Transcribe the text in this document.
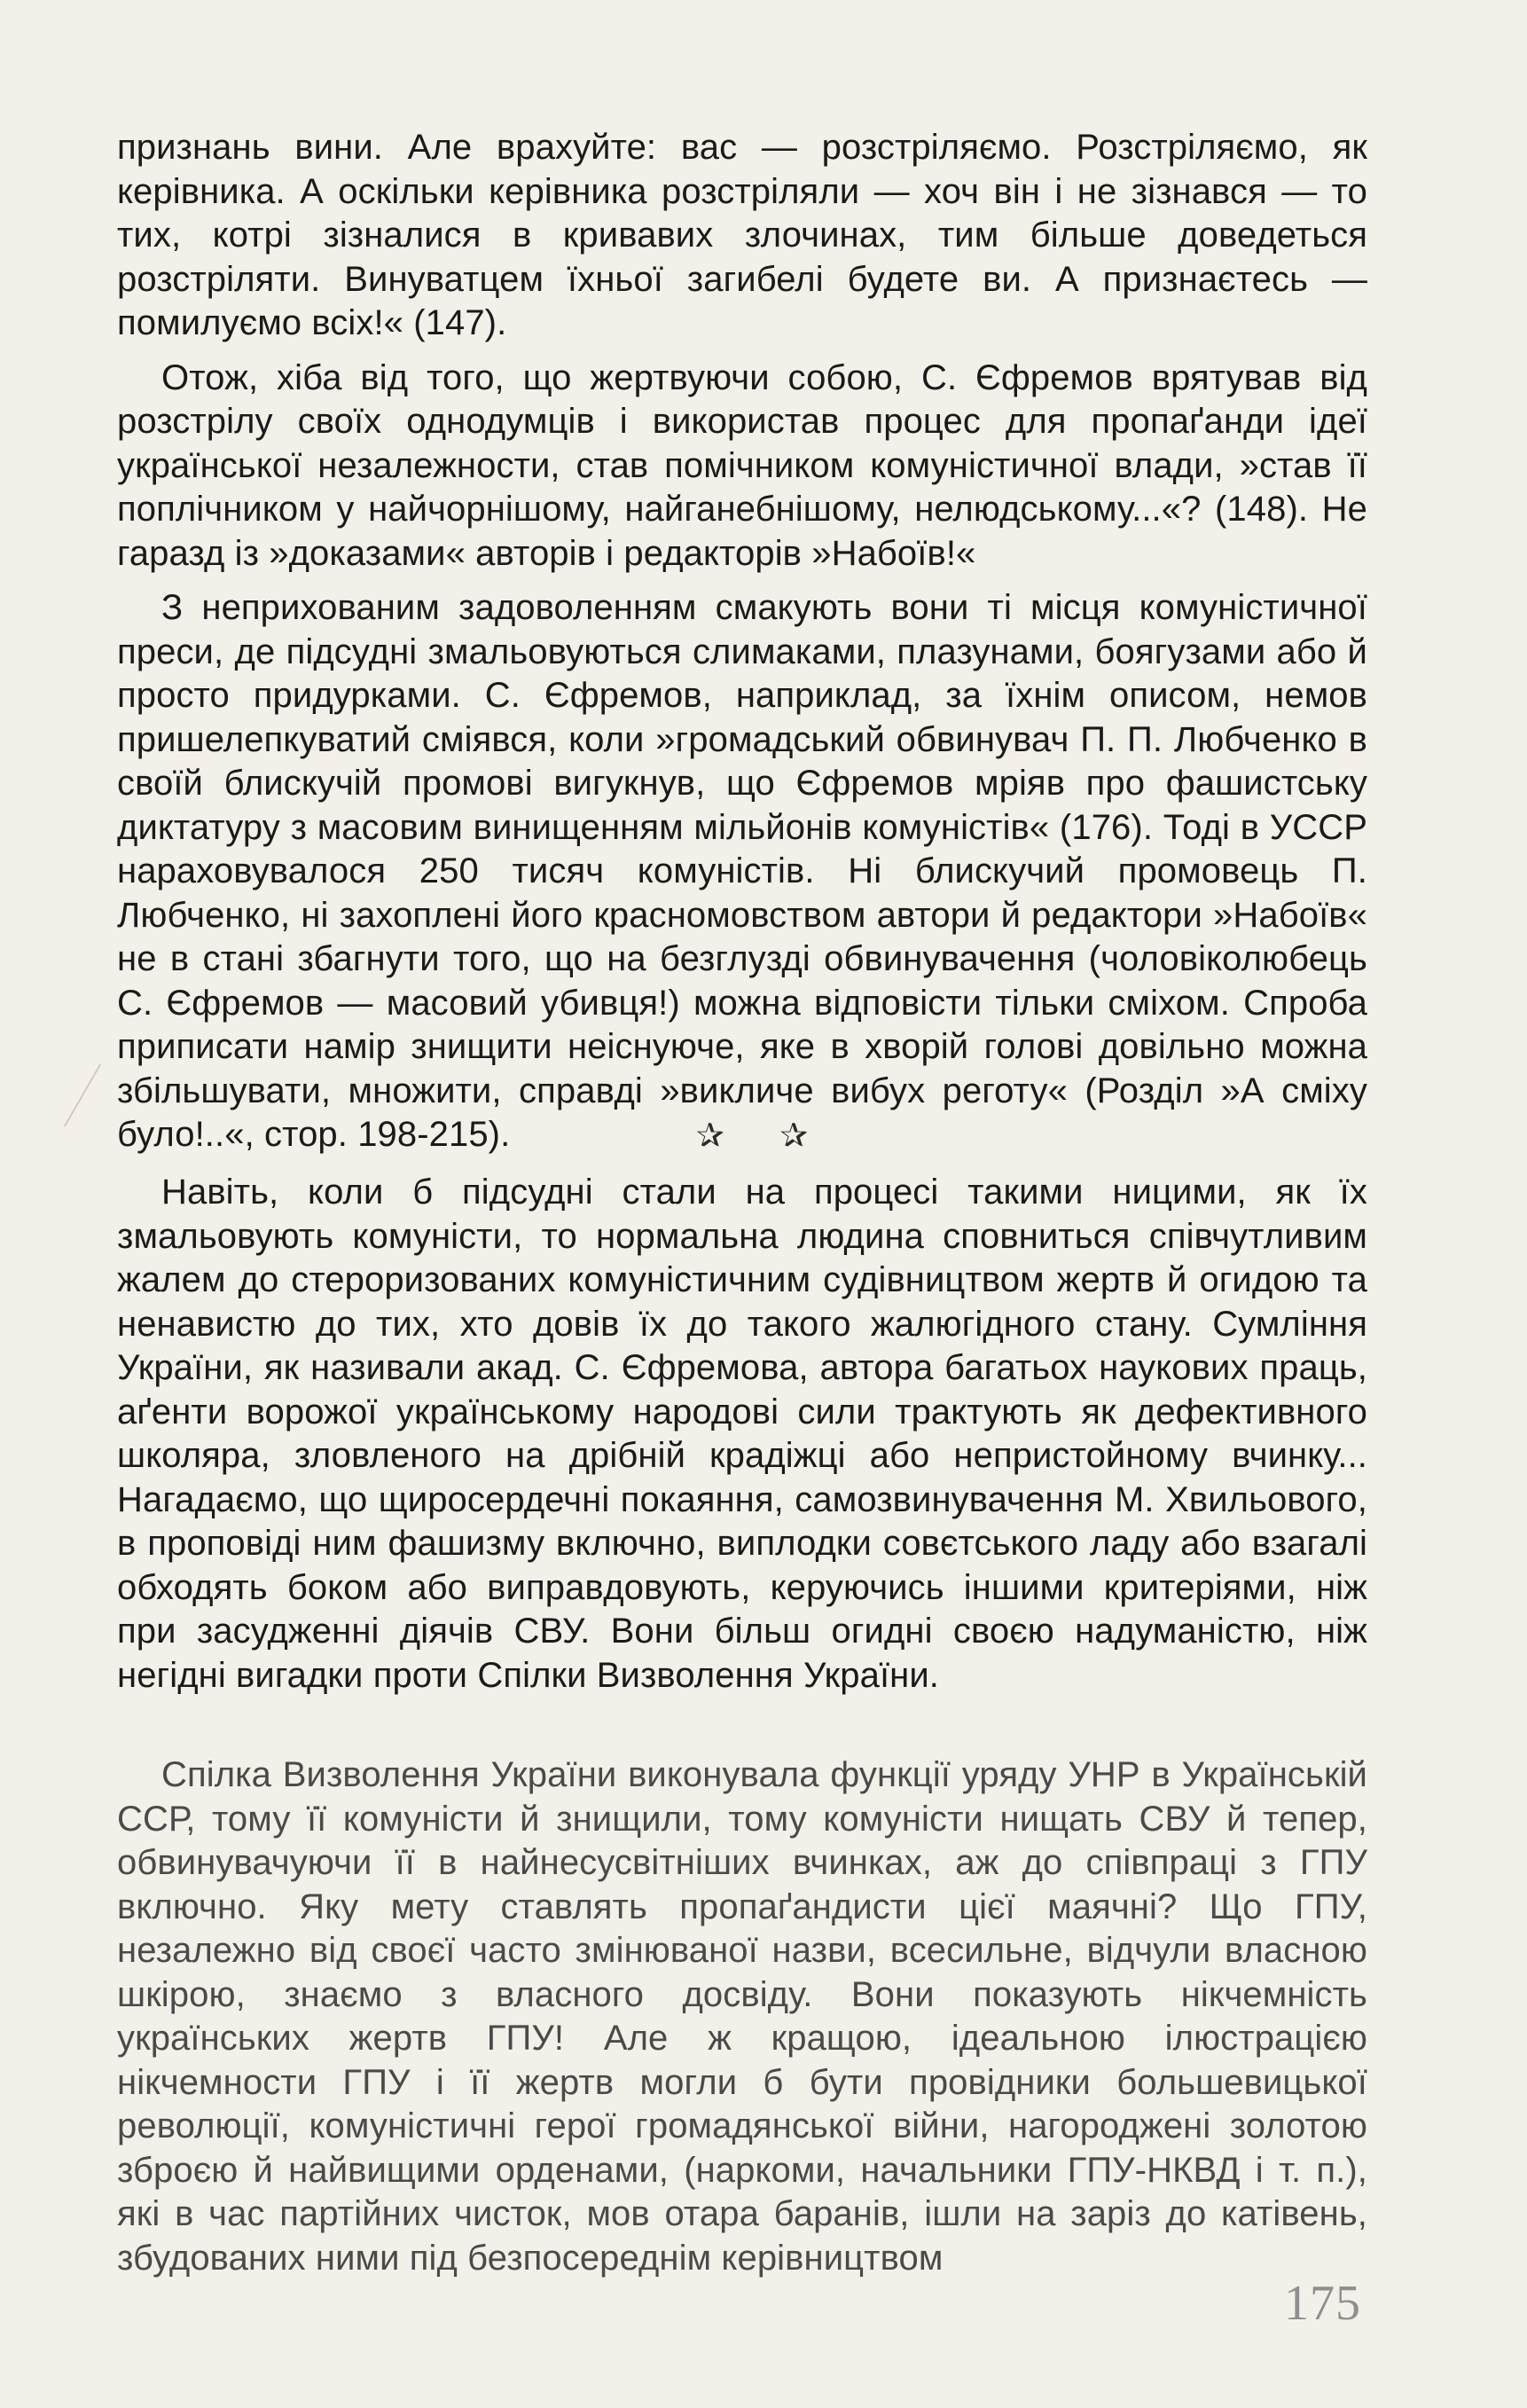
признань вини. Але врахуйте: вас — розстріляємо. Розстріляємо, як керівника. А оскільки керівника розстріляли — хоч він і не зізнався — то тих, котрі зізналися в кривавих злочинах, тим більше доведеться розстріляти. Винуватцем їхньої загибелі будете ви. А признаєтесь — помилуємо всіх!« (147).

Отож, хіба від того, що жертвуючи собою, С. Єфремов врятував від розстрілу своїх однодумців і використав процес для пропаґанди ідеї української незалежности, став помічником комуністичної влади, »став її поплічником у найчорнішому, найганебнішому, нелюдському...«? (148). Не гаразд із »доказами« авторів і редакторів »Набоїв!«

З неприхованим задоволенням смакують вони ті місця комуністичної преси, де підсудні змальовуються слимаками, плазунами, боягузами або й просто придурками. С. Єфремов, наприклад, за їхнім описом, немов пришелепкуватий сміявся, коли »громадський обвинувач П. П. Любченко в своїй блискучій промові вигукнув, що Єфремов мріяв про фашистську диктатуру з масовим винищенням мільйонів комуністів« (176). Тоді в УССР нараховувалося 250 тисяч комуністів. Ні блискучий промовець П. Любченко, ні захоплені його красномовством автори й редактори »Набоїв« не в стані збагнути того, що на безглузді обвинувачення (чоловіколюбець С. Єфремов — масовий убивця!) можна відповісти тільки сміхом. Спроба приписати намір знищити неіснуюче, яке в хворій голові довільно можна збільшувати, множити, справді »викличе вибух реготу« (Розділ »А сміху було!..«, стор. 198-215).	✰ ✰

Навіть, коли б підсудні стали на процесі такими ницими, як їх змальовують комуністи, то нормальна людина сповниться співчутливим жалем до стероризованих комуністичним судівництвом жертв й огидою та ненавистю до тих, хто довів їх до такого жалюгідного стану. Сумління України, як називали акад. С. Єфремова, автора багатьох наукових праць, аґенти ворожої українському народові сили трактують як дефективного школяра, зловленого на дрібній крадіжці або непристойному вчинку... Нагадаємо, що щиросердечні покаяння, самозвинувачення М. Хвильового, в проповіді ним фашизму включно, виплодки совєтського ладу або взагалі обходять боком або виправдовують, керуючись іншими критеріями, ніж при засудженні діячів СВУ. Вони більш огидні своєю надуманістю, ніж негідні вигадки проти Спілки Визволення України.

Спілка Визволення України виконувала функції уряду УНР в Українській ССР, тому її комуністи й знищили, тому комуністи нищать СВУ й тепер, обвинувачуючи її в найнесусвітніших вчинках, аж до співпраці з ГПУ включно. Яку мету ставлять пропаґандисти цієї маячні? Що ГПУ, незалежно від своєї часто змінюваної назви, всесильне, відчули власною шкірою, знаємо з власного досвіду. Вони показують нікчемність українських жертв ГПУ! Але ж кращою, ідеальною ілюстрацією нікчемности ГПУ і її жертв могли б бути провідники большевицької революції, комуністичні герої громадянської війни, нагороджені золотою зброєю й найвищими орденами, (наркоми, начальники ГПУ-НКВД і т. п.), які в час партійних чисток, мов отара баранів, ішли на заріз до катівень, збудованих ними під безпосереднім керівництвом

175
